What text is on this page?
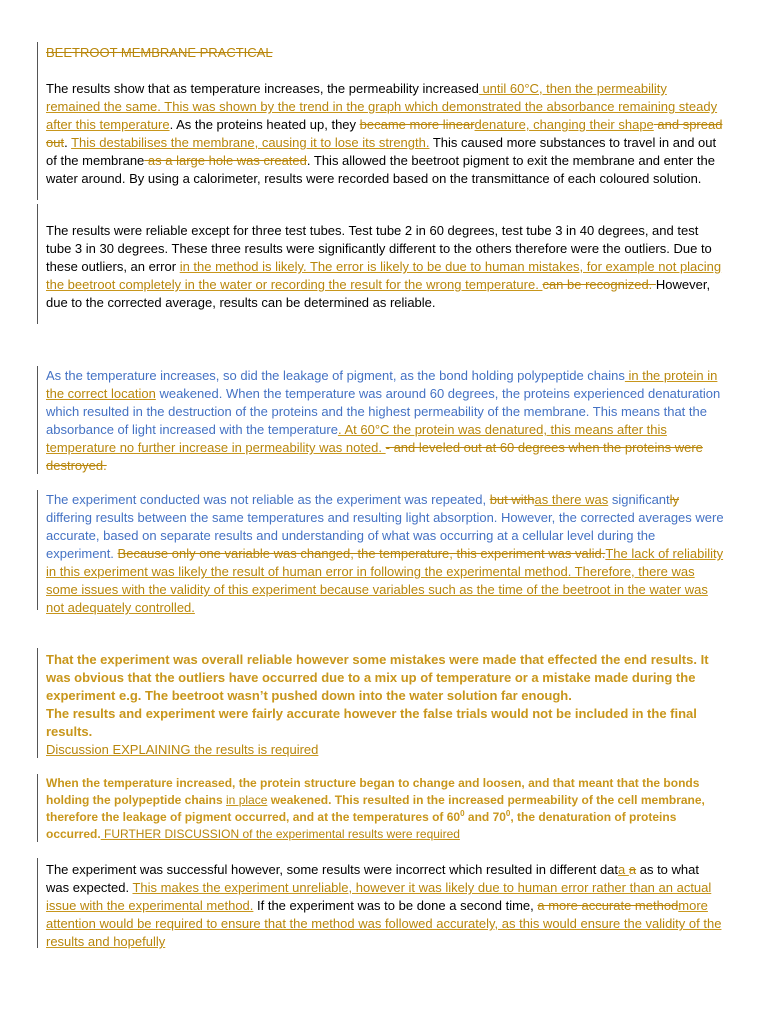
BEETROOT MEMBRANE PRACTICAL

The results show that as temperature increases, the permeability increased until 60°C, then the permeability remained the same. This was shown by the trend in the graph which demonstrated the absorbance remaining steady after this temperature. As the proteins heated up, they became more lineardenature, changing their shape and spread out. This destabilises the membrane, causing it to lose its strength. This caused more substances to travel in and out of the membrane as a large hole was created. This allowed the beetroot pigment to exit the membrane and enter the water around. By using a calorimeter, results were recorded based on the transmittance of each coloured solution.

The results were reliable except for three test tubes. Test tube 2 in 60 degrees, test tube 3 in 40 degrees, and test tube 3 in 30 degrees. These three results were significantly different to the others therefore were the outliers. Due to these outliers, an error in the method is likely. The error is likely to be due to human mistakes, for example not placing the beetroot completely in the water or recording the result for the wrong temperature. can be recognized. However, due to the corrected average, results can be determined as reliable.

As the temperature increases, so did the leakage of pigment, as the bond holding polypeptide chains in the protein in the correct location weakened. When the temperature was around 60 degrees, the proteins experienced denaturation which resulted in the destruction of the proteins and the highest permeability of the membrane. This means that the absorbance of light increased with the temperature. At 60°C the protein was denatured, this means after this temperature no further increase in permeability was noted. - and leveled out at 60 degrees when the proteins were destroyed.

The experiment conducted was not reliable as the experiment was repeated, but withas there was significantly differing results between the same temperatures and resulting light absorption. However, the corrected averages were accurate, based on separate results and understanding of what was occurring at a cellular level during the experiment. Because only one variable was changed, the temperature, this experiment was valid.The lack of reliability in this experiment was likely the result of human error in following the experimental method. Therefore, there was some issues with the validity of this experiment because variables such as the time of the beetroot in the water was not adequately controlled.

That the experiment was overall reliable however some mistakes were made that effected the end results. It was obvious that the outliers have occurred due to a mix up of temperature or a mistake made during the experiment e.g. The beetroot wasn’t pushed down into the water solution far enough.

The results and experiment were fairly accurate however the false trials would not be included in the final results.

Discussion EXPLAINING the results is required

When the temperature increased, the protein structure began to change and loosen, and that meant that the bonds holding the polypeptide chains in place weakened. This resulted in the increased permeability of the cell membrane, therefore the leakage of pigment occurred, and at the temperatures of $60^0$ and $70^0$, the denaturation of proteins occurred. FURTHER DISCUSSION of the experimental results were required

The experiment was successful however, some results were incorrect which resulted in different data a as to what was expected. This makes the experiment unreliable, however it was likely due to human error rather than an actual issue with the experimental method. If the experiment was to be done a second time, a more accurate methodmore attention would be required to ensure that the method was followed accurately, as this would ensure the validity of the results and hopefully
